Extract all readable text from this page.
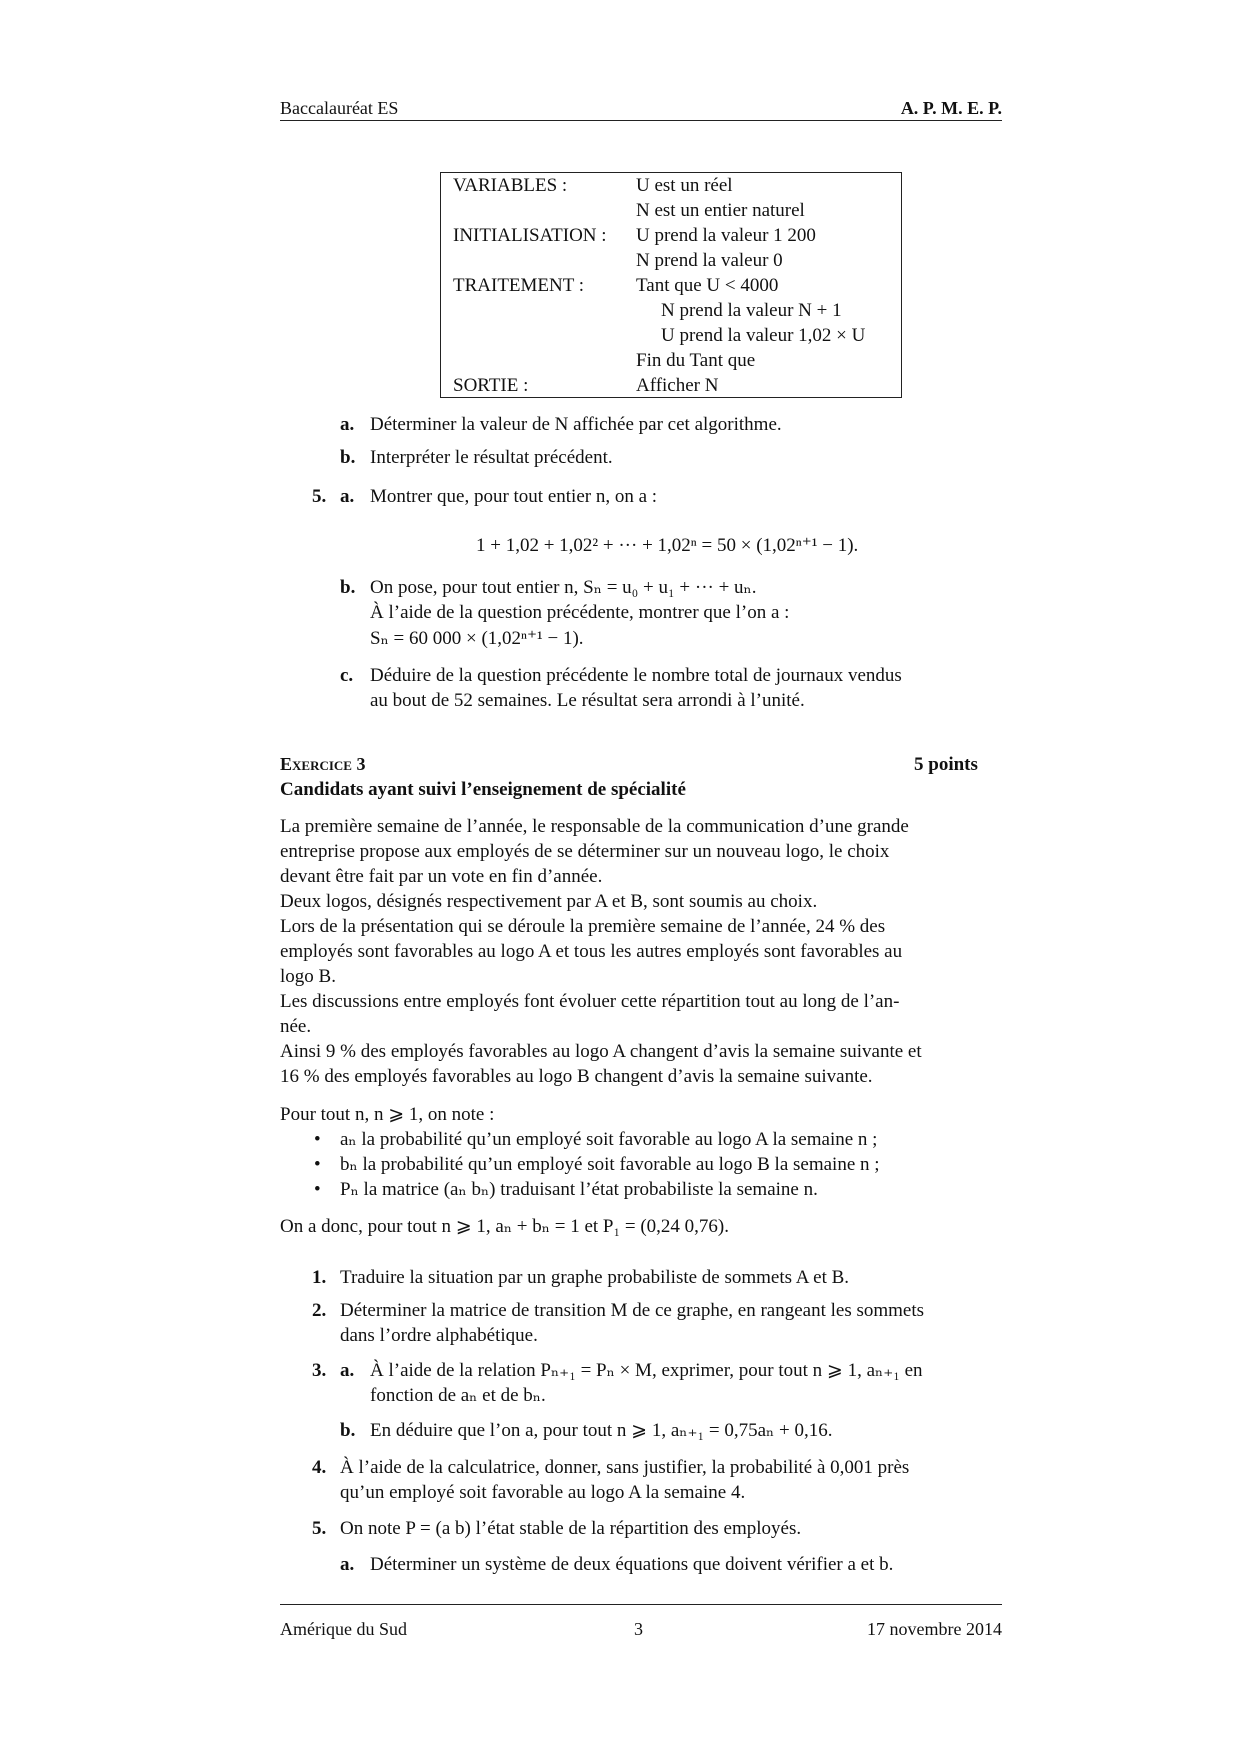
Baccalauréat ES	A. P. M. E. P.
VARIABLES :	U est un réel
N est un entier naturel
INITIALISATION : U prend la valeur 1 200
N prend la valeur 0
TRAITEMENT :	Tant que U < 4000
N prend la valeur N + 1
U prend la valeur 1,02 × U
Fin du Tant que
SORTIE :	Afficher N
a. Déterminer la valeur de N affichée par cet algorithme.
b. Interpréter le résultat précédent.
5. a. Montrer que, pour tout entier n, on a :
1 + 1,02 + 1,02² + ··· + 1,02ⁿ = 50 × (1,02ⁿ⁺¹ − 1).
b. On pose, pour tout entier n, Sₙ = u₀ + u₁ + ··· + uₙ.
À l’aide de la question précédente, montrer que l’on a :
Sₙ = 60 000 × (1,02ⁿ⁺¹ − 1).
c. Déduire de la question précédente le nombre total de journaux vendus
au bout de 52 semaines. Le résultat sera arrondi à l’unité.
Exercice 3	5 points
Candidats ayant suivi l’enseignement de spécialité
La première semaine de l’année, le responsable de la communication d’une grande
entreprise propose aux employés de se déterminer sur un nouveau logo, le choix
devant être fait par un vote en fin d’année.
Deux logos, désignés respectivement par A et B, sont soumis au choix.
Lors de la présentation qui se déroule la première semaine de l’année, 24 % des
employés sont favorables au logo A et tous les autres employés sont favorables au
logo B.
Les discussions entre employés font évoluer cette répartition tout au long de l’an-
née.
Ainsi 9 % des employés favorables au logo A changent d’avis la semaine suivante et
16 % des employés favorables au logo B changent d’avis la semaine suivante.
Pour tout n, n ⩾ 1, on note :
• aₙ la probabilité qu’un employé soit favorable au logo A la semaine n ;
• bₙ la probabilité qu’un employé soit favorable au logo B la semaine n ;
• Pₙ la matrice (aₙ bₙ) traduisant l’état probabiliste la semaine n.
On a donc, pour tout n ⩾ 1, aₙ + bₙ = 1 et P₁ = (0,24 0,76).
1. Traduire la situation par un graphe probabiliste de sommets A et B.
2. Déterminer la matrice de transition M de ce graphe, en rangeant les sommets
dans l’ordre alphabétique.
3. a. À l’aide de la relation Pₙ₊₁ = Pₙ × M, exprimer, pour tout n ⩾ 1, aₙ₊₁ en
fonction de aₙ et de bₙ.
b. En déduire que l’on a, pour tout n ⩾ 1, aₙ₊₁ = 0,75aₙ + 0,16.
4. À l’aide de la calculatrice, donner, sans justifier, la probabilité à 0,001 près
qu’un employé soit favorable au logo A la semaine 4.
5. On note P = (a b) l’état stable de la répartition des employés.
a. Déterminer un système de deux équations que doivent vérifier a et b.
Amérique du Sud	3	17 novembre 2014
